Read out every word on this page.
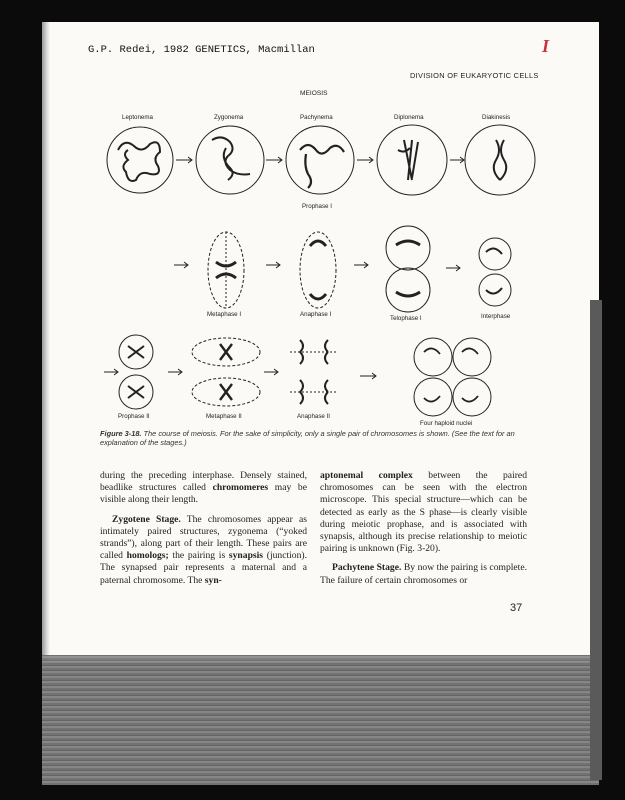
G.P. Redei, 1982 GENETICS, Macmillan	I
DIVISION OF EUKARYOTIC CELLS
MEIOSIS
Leptonema	Zygonema	Pachynema	Diplonema	Diakinesis
Prophase I
Metaphase I	Anaphase I
Telophase I	Interphase
Prophase II	Metaphase II	Anaphase II
Four haploid nuclei

Figure 3-18. The course of meiosis. For the sake of simplicity, only a single pair of chromosomes is shown. (See the text for an explanation of the stages.)

during the preceding interphase. Densely stained, beadlike structures called chromomeres may be visible along their length.

Zygotene Stage. The chromosomes appear as intimately paired structures, zygonema (“yoked strands”), along part of their length. These pairs are called homologs; the pairing is synapsis (junction). The synapsed pair represents a maternal and a paternal chromosome. The syn-

aptonemal complex between the paired chromosomes can be seen with the electron microscope. This special structure—which can be detected as early as the S phase—is clearly visible during meiotic prophase, and is associated with synapsis, although its precise relationship to meiotic pairing is unknown (Fig. 3-20).

Pachytene Stage. By now the pairing is complete. The failure of certain chromosomes or

37
